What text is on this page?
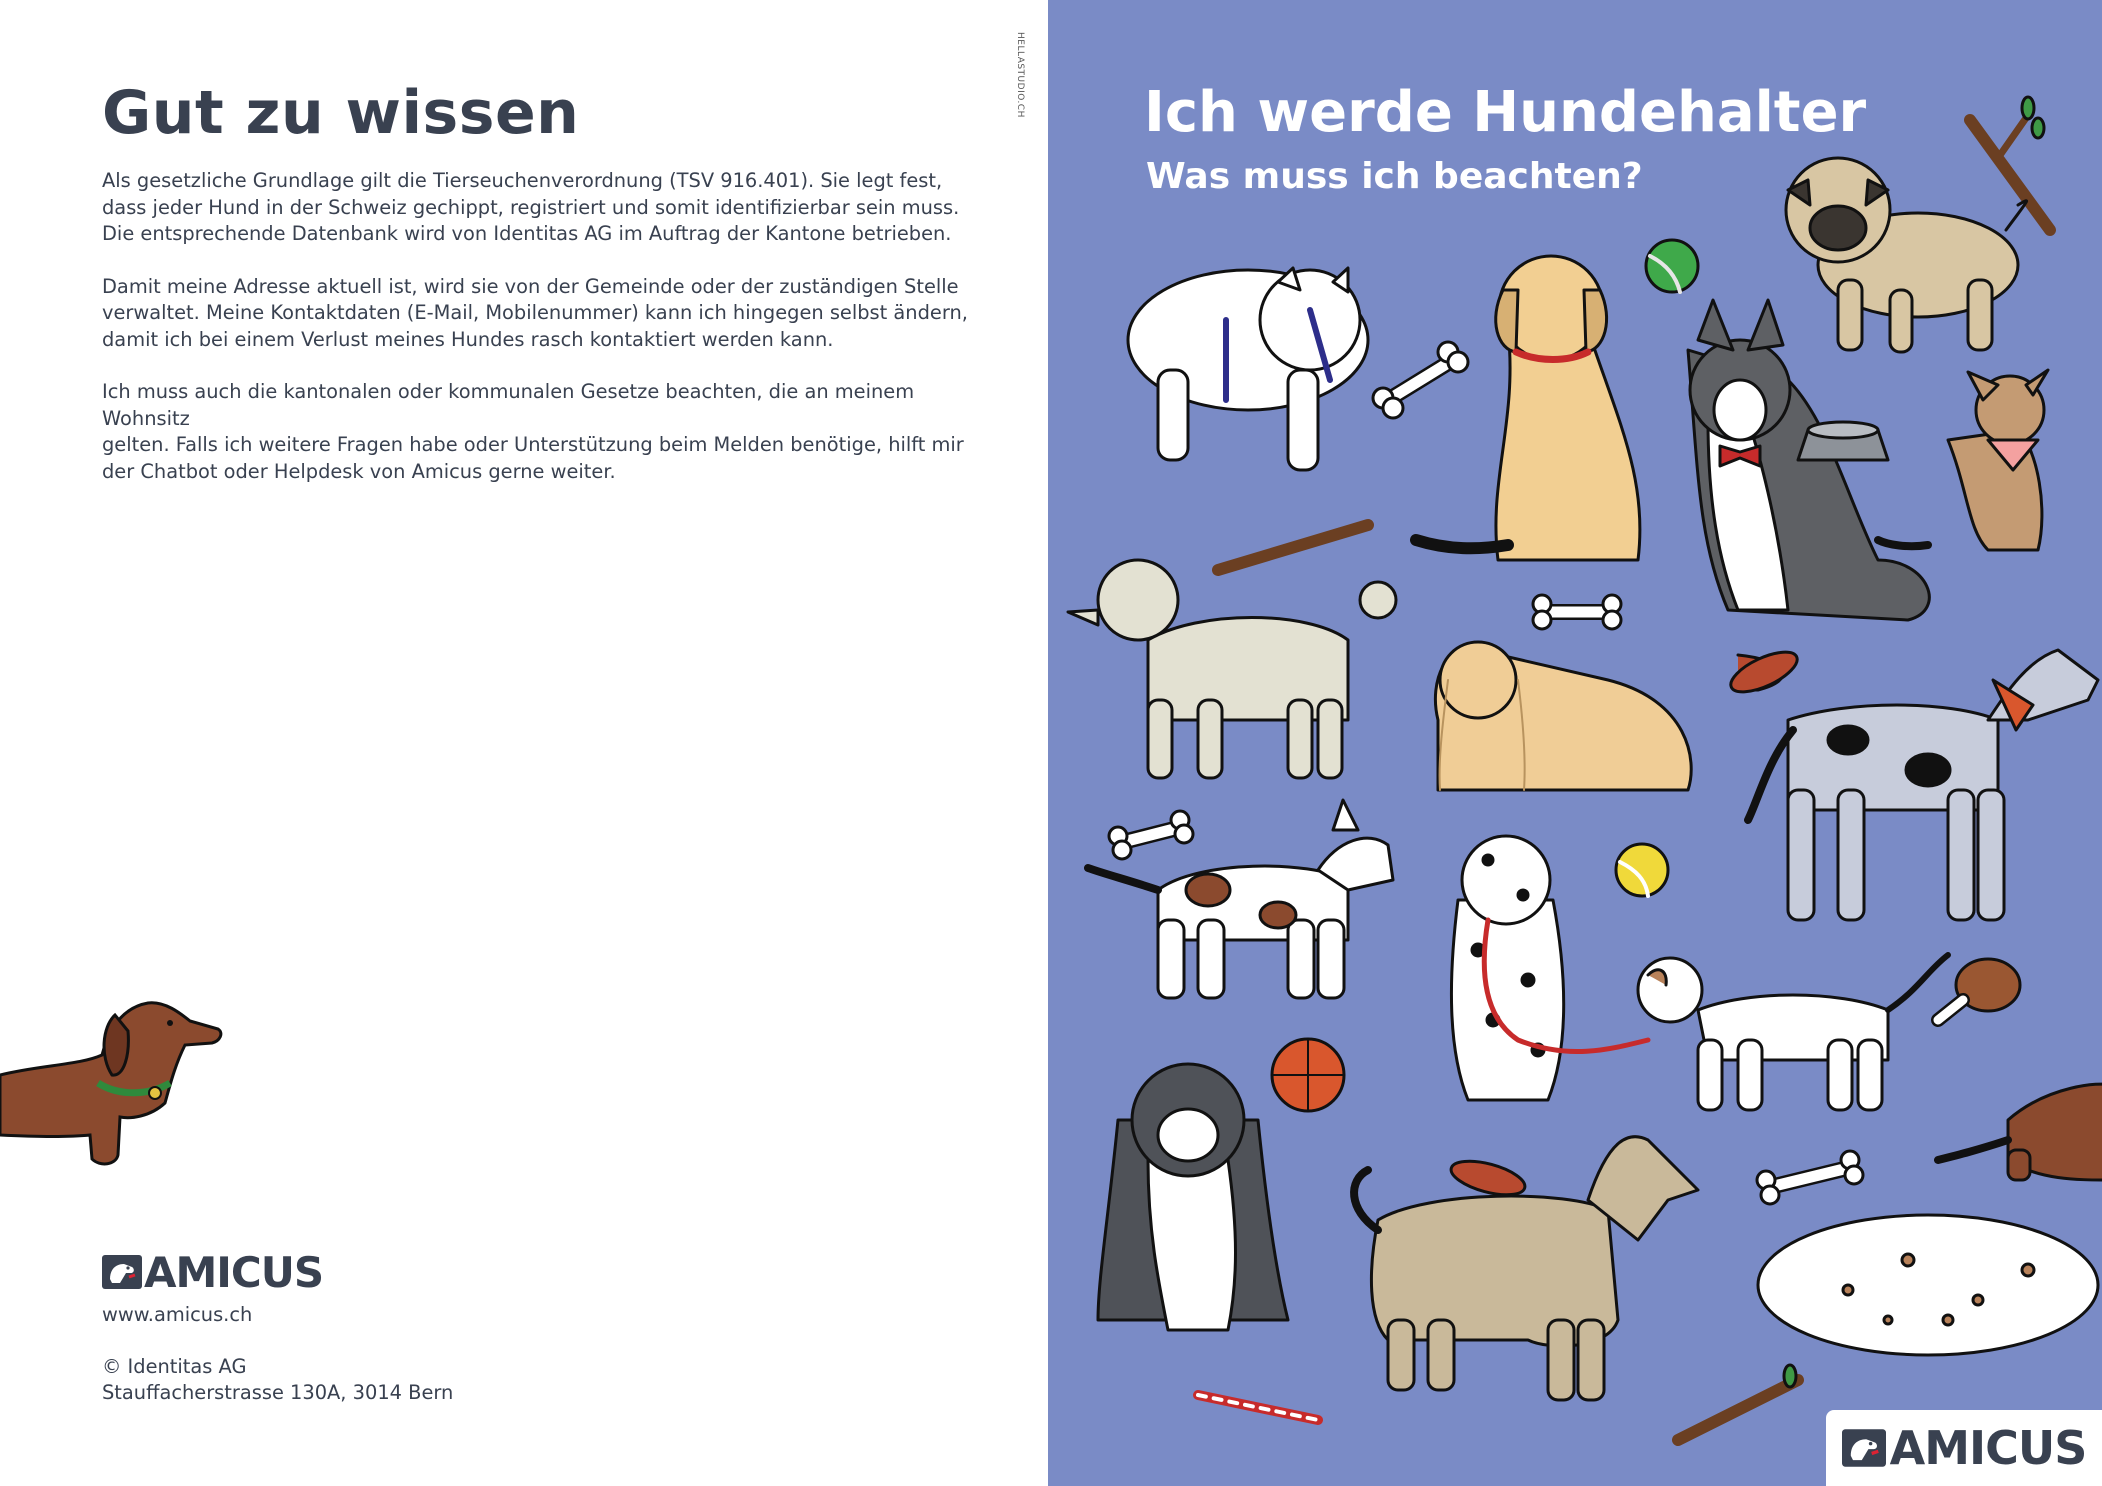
Gut zu wissen

Als gesetzliche Grundlage gilt die Tierseuchenverordnung (TSV 916.401). Sie legt fest,
dass jeder Hund in der Schweiz gechippt, registriert und somit identifizierbar sein muss.
Die entsprechende Datenbank wird von Identitas AG im Auftrag der Kantone betrieben.

Damit meine Adresse aktuell ist, wird sie von der Gemeinde oder der zuständigen Stelle
verwaltet. Meine Kontaktdaten (E-Mail, Mobilenummer) kann ich hingegen selbst ändern,
damit ich bei einem Verlust meines Hundes rasch kontaktiert werden kann.

Ich muss auch die kantonalen oder kommunalen Gesetze beachten, die an meinem Wohnsitz
gelten. Falls ich weitere Fragen habe oder Unterstützung beim Melden benötige, hilft mir
der Chatbot oder Helpdesk von Amicus gerne weiter.

HELLASTUDIO.CH
AMICUS
www.amicus.ch
© Identitas AG
Stauffacherstrasse 130A, 3014 Bern
Ich werde Hundehalter
Was muss ich beachten?
AMICUS
